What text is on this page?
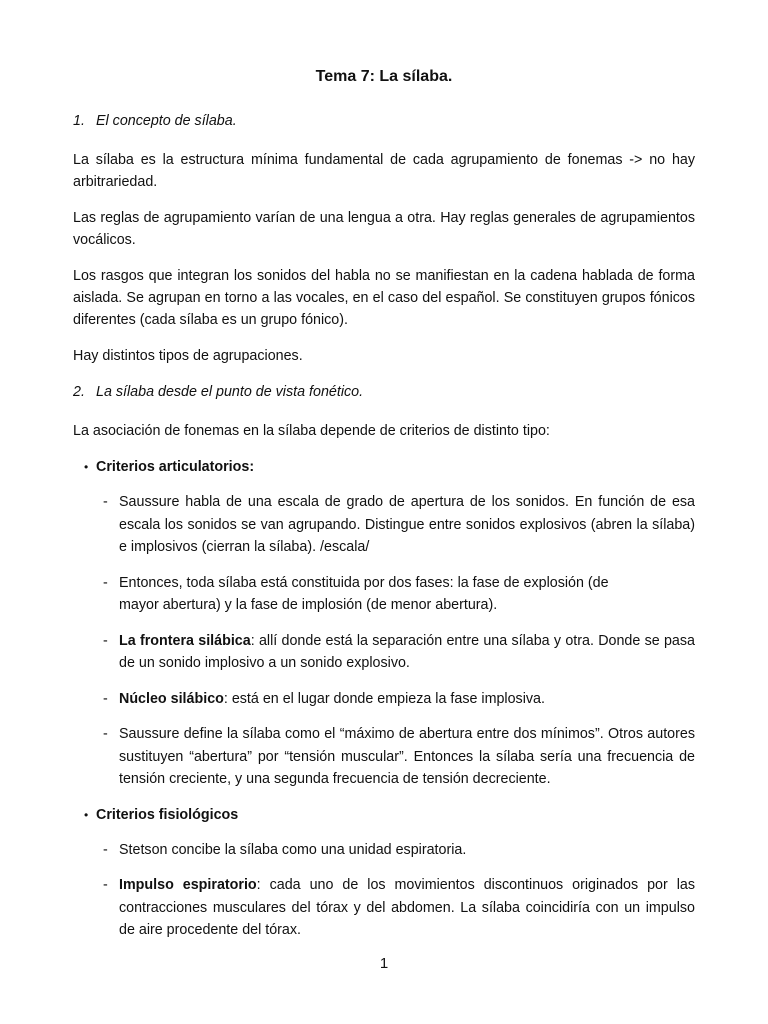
Tema 7: La sílaba.
1. El concepto de sílaba.

La sílaba es la estructura mínima fundamental de cada agrupamiento de fonemas -> no hay arbitrariedad.

Las reglas de agrupamiento varían de una lengua a otra. Hay reglas generales de agrupamientos vocálicos.

Los rasgos que integran los sonidos del habla no se manifiestan en la cadena hablada de forma aislada. Se agrupan en torno a las vocales, en el caso del español. Se constituyen grupos fónicos diferentes (cada sílaba es un grupo fónico).

Hay distintos tipos de agrupaciones.

2. La sílaba desde el punto de vista fonético.

La asociación de fonemas en la sílaba depende de criterios de distinto tipo:

• Criterios articulatorios:
- Saussure habla de una escala de grado de apertura de los sonidos. En función de esa escala los sonidos se van agrupando. Distingue entre sonidos explosivos (abren la sílaba) e implosivos (cierran la sílaba). /escala/
- Entonces, toda sílaba está constituida por dos fases: la fase de explosión (de
mayor abertura) y la fase de implosión (de menor abertura).
- La frontera silábica: allí donde está la separación entre una sílaba y otra. Donde se pasa de un sonido implosivo a un sonido explosivo.
- Núcleo silábico: está en el lugar donde empieza la fase implosiva.
- Saussure define la sílaba como el “máximo de abertura entre dos mínimos”. Otros autores sustituyen “abertura” por “tensión muscular”. Entonces la sílaba sería una frecuencia de tensión creciente, y una segunda frecuencia de tensión decreciente.
• Criterios fisiológicos
- Stetson concibe la sílaba como una unidad espiratoria.
- Impulso espiratorio: cada uno de los movimientos discontinuos originados por las contracciones musculares del tórax y del abdomen. La sílaba coincidiría con un impulso de aire procedente del tórax.
1
